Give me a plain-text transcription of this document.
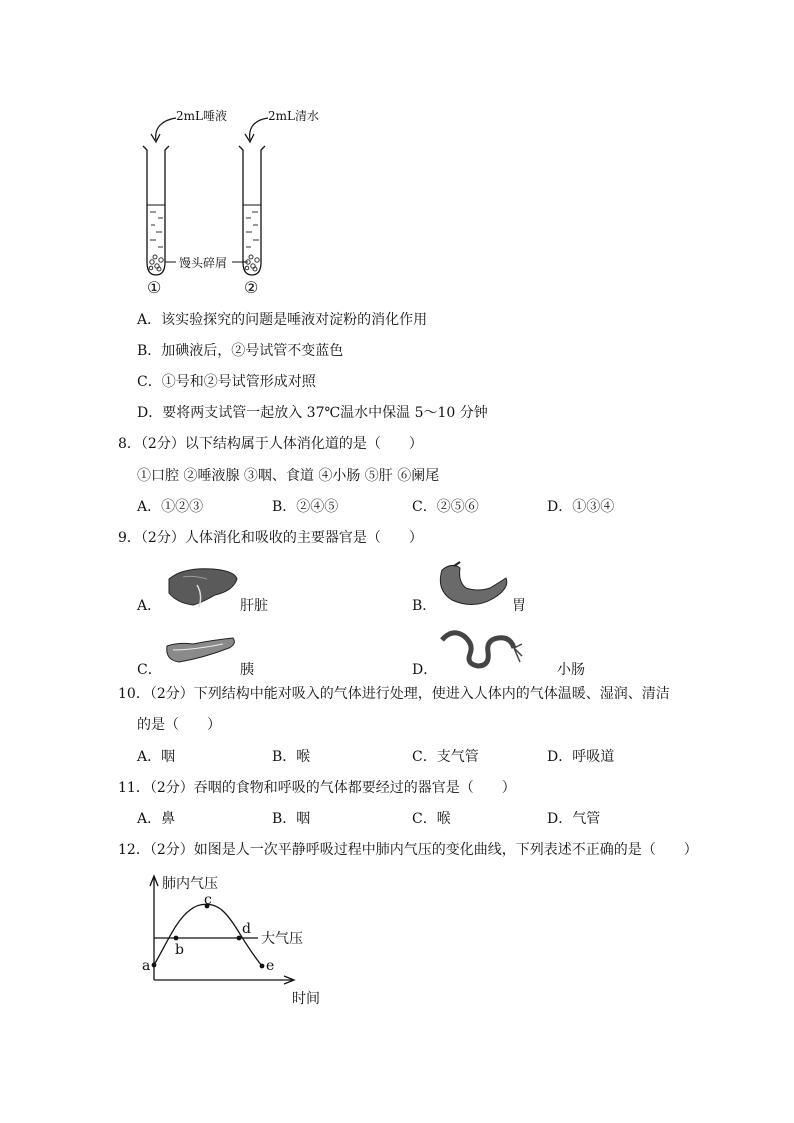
2mL唾液	2mL清水
馒头碎屑
①	②
A．该实验探究的问题是唾液对淀粉的消化作用
B．加碘液后，②号试管不变蓝色
C．①号和②号试管形成对照
D．要将两支试管一起放入 37℃温水中保温 5～10 分钟
8．（2分）以下结构属于人体消化道的是（　　）
①口腔 ②唾液腺 ③咽、食道 ④小肠 ⑤肝 ⑥阑尾
A．①②③	B．②④⑤	C．②⑤⑥	D．①③④
9．（2分）人体消化和吸收的主要器官是（　　）
A．	肝脏	B．	胃
C．	胰	D．	小肠
10．（2分）下列结构中能对吸入的气体进行处理，使进入人体内的气体温暖、湿润、清洁
的是（　　）
A．咽	B．喉	C．支气管	D．呼吸道
11．（2分）吞咽的食物和呼吸的气体都要经过的器官是（　　）
A．鼻	B．咽	C．喉	D．气管
12．（2分）如图是人一次平静呼吸过程中肺内气压的变化曲线，下列表述不正确的是（　　）
肺内气压
时间
大气压
a
b
c
d
e
